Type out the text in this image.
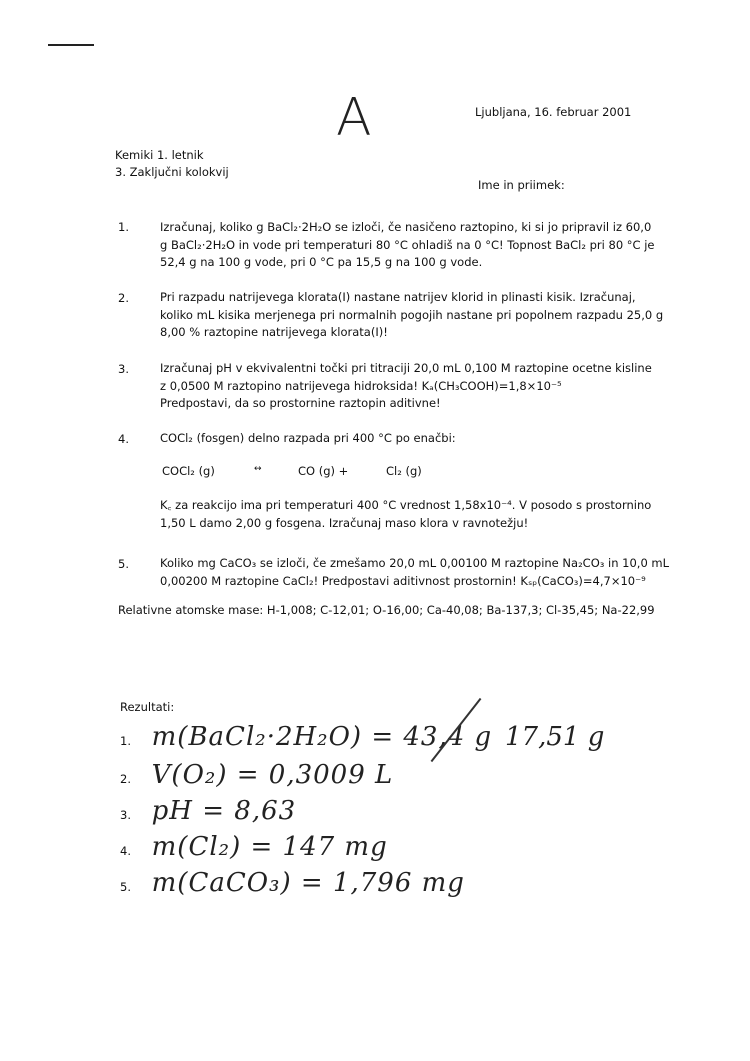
A	Ljubljana, 16. februar 2001
Kemiki 1. letnik
3. Zaključni kolokvij
Ime in priimek:
1.	Izračunaj, koliko g BaCl₂·2H₂O se izloči, če nasičeno raztopino, ki si jo pripravil iz 60,0
g BaCl₂·2H₂O in vode pri temperaturi 80 °C ohladiš na 0 °C! Topnost BaCl₂ pri 80 °C je
52,4 g na 100 g vode, pri 0 °C pa 15,5 g na 100 g vode.
2.	Pri razpadu natrijevega klorata(I) nastane natrijev klorid in plinasti kisik. Izračunaj,
koliko mL kisika merjenega pri normalnih pogojih nastane pri popolnem razpadu 25,0 g
8,00 % raztopine natrijevega klorata(I)!
3.	Izračunaj pH v ekvivalentni točki pri titraciji 20,0 mL 0,100 M raztopine ocetne kisline
z 0,0500 M raztopino natrijevega hidroksida! Kₐ(CH₃COOH)=1,8×10⁻⁵
Predpostavi, da so prostornine raztopin aditivne!
4.	COCl₂ (fosgen) delno razpada pri 400 °C po enačbi:
COCl₂ (g)	↔	CO (g) +	Cl₂ (g)
K꜀ za reakcijo ima pri temperaturi 400 °C vrednost 1,58x10⁻⁴. V posodo s prostornino
1,50 L damo 2,00 g fosgena. Izračunaj maso klora v ravnotežju!
5.	Koliko mg CaCO₃ se izloči, če zmešamo 20,0 mL 0,00100 M raztopine Na₂CO₃ in 10,0 mL
0,00200 M raztopine CaCl₂! Predpostavi aditivnost prostornin! Kₛₚ(CaCO₃)=4,7×10⁻⁹
Relativne atomske mase: H-1,008; C-12,01; O-16,00; Ca-40,08; Ba-137,3; Cl-35,45; Na-22,99
Rezultati:
1. m(BaCl₂·2H₂O) = 43,4 g 17,51 g
2. V(O₂) = 0,3009 L
3. pH = 8,63
4. m(Cl₂) = 147 mg
5. m(CaCO₃) = 1,796 mg
